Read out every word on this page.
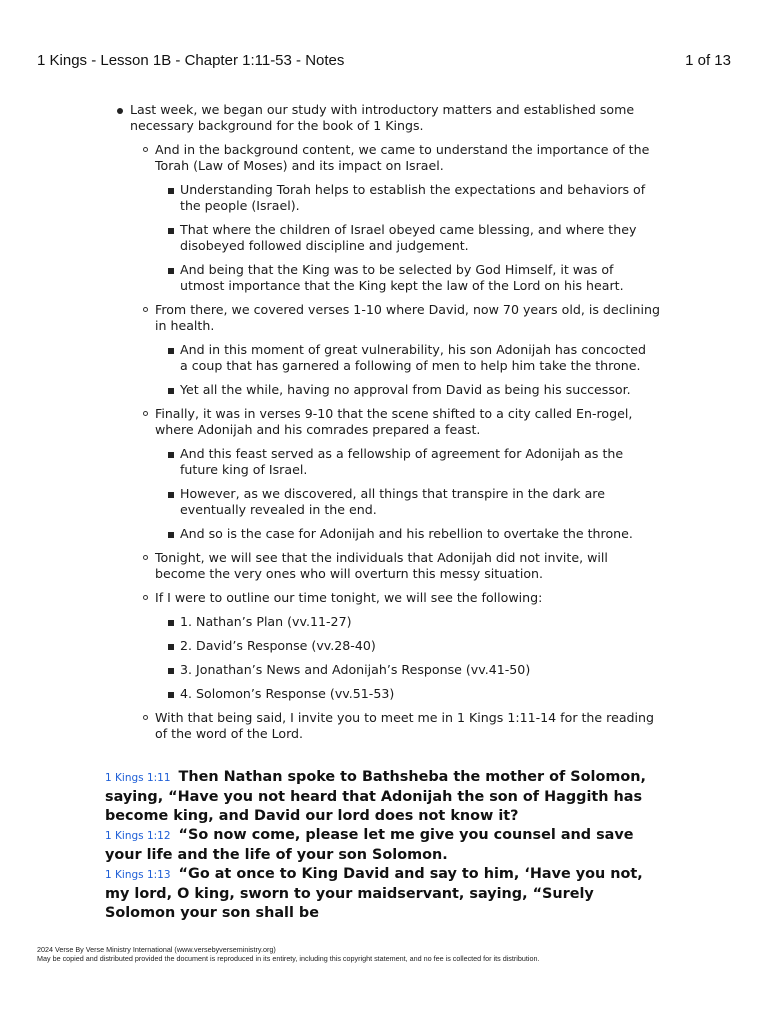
1 Kings - Lesson 1B - Chapter 1:11-53 - Notes	1 of 13
Last week, we began our study with introductory matters and established some necessary background for the book of 1 Kings.
And in the background content, we came to understand the importance of the Torah (Law of Moses) and its impact on Israel.
Understanding Torah helps to establish the expectations and behaviors of the people (Israel).
That where the children of Israel obeyed came blessing, and where they disobeyed followed discipline and judgement.
And being that the King was to be selected by God Himself, it was of utmost importance that the King kept the law of the Lord on his heart.
From there, we covered verses 1-10 where David, now 70 years old, is declining in health.
And in this moment of great vulnerability, his son Adonijah has concocted a coup that has garnered a following of men to help him take the throne.
Yet all the while, having no approval from David as being his successor.
Finally, it was in verses 9-10 that the scene shifted to a city called En-rogel, where Adonijah and his comrades prepared a feast.
And this feast served as a fellowship of agreement for Adonijah as the future king of Israel.
However, as we discovered, all things that transpire in the dark are eventually revealed in the end.
And so is the case for Adonijah and his rebellion to overtake the throne.
Tonight, we will see that the individuals that Adonijah did not invite, will become the very ones who will overturn this messy situation.
If I were to outline our time tonight, we will see the following:
1. Nathan’s Plan (vv.11-27)
2. David’s Response (vv.28-40)
3. Jonathan’s News and Adonijah’s Response (vv.41-50)
4. Solomon’s Response (vv.51-53)
With that being said, I invite you to meet me in 1 Kings 1:11-14 for the reading of the word of the Lord.
1 Kings 1:11 Then Nathan spoke to Bathsheba the mother of Solomon, saying, “Have you not heard that Adonijah the son of Haggith has become king, and David our lord does not know it?
1 Kings 1:12 “So now come, please let me give you counsel and save your life and the life of your son Solomon.
1 Kings 1:13 “Go at once to King David and say to him, ‘Have you not, my lord, O king, sworn to your maidservant, saying, “Surely Solomon your son shall be
2024 Verse By Verse Ministry International (www.versebyverseministry.org)
May be copied and distributed provided the document is reproduced in its entirety, including this copyright statement, and no fee is collected for its distribution.
